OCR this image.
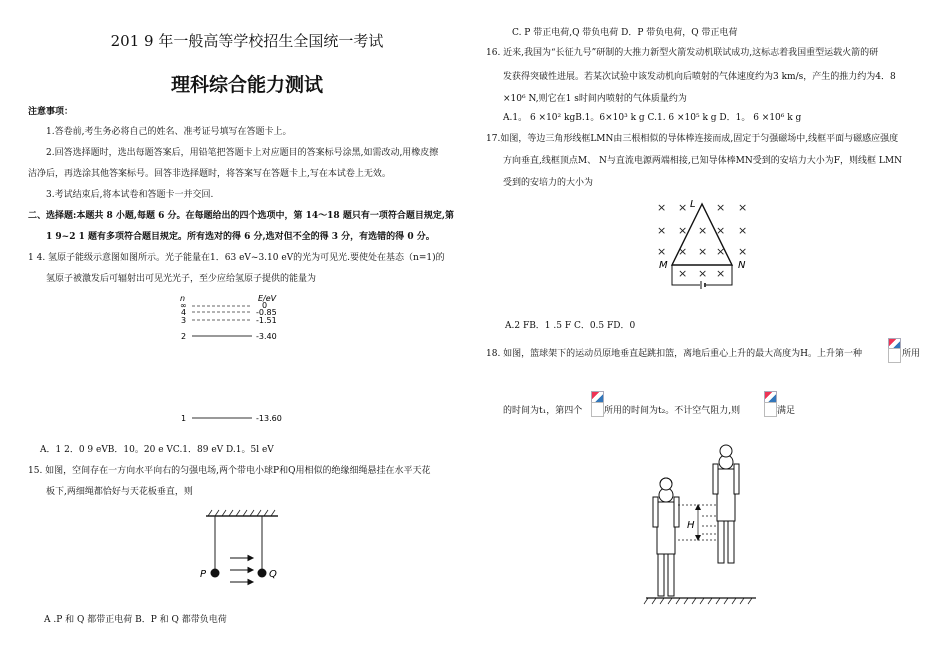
201 9 年一般高等学校招生全国统一考试
理科综合能力测试
注意事项：
1.答卷前,考生务必将自己的姓名、准考证号填写在答题卡上。
2.回答选择题时，选出每题答案后，用铅笔把答题卡上对应题目的答案标号涂黑,如需改动,用橡皮擦
洁净后，再选涂其他答案标号。回答非选择题时，将答案写在答题卡上,写在本试卷上无效。
3.考试结束后,将本试卷和答题卡一并交回.
二、选择题:本题共 8 小题,每题 6 分。在每题给出的四个选项中，第 14～18 题只有一项符合题目规定,第
1 9~2 1 题有多项符合题目规定。所有选对的得 6 分,选对但不全的得 3 分，有选错的得 0 分。
1 4. 氢原子能级示意图如图所示。光子能量在1．63 eV~3.10 eV的光为可见光.要使处在基态（n=1)的
氢原子被激发后可辐射出可见光光子，至少应给氢原子提供的能量为
n	E/eV
∞	0
4	-0.85
3	-1.51
2	-3.40
1	-13.60
A．1 2．0 9 eVB．10。20 e VC.1．89 eV D.1。5l eV
15. 如图，空间存在一方向水平向右的匀强电场,两个带电小球P和Q用相似的绝缘细绳悬挂在水平天花
板下,两细绳都恰好与天花板垂直，则
P	Q
A .P 和 Q 都带正电荷 B．P 和 Q 都带负电荷
C. P 带正电荷,Q 带负电荷 D．P 带负电荷，Q 带正电荷
16. 近来,我国为“长征九号”研制的大推力新型火箭发动机联试成功,这标志着我国重型运载火箭的研
发获得突破性进展。若某次试验中该发动机向后喷射的气体速度约为3 km/s，产生的推力约为4．8
×10⁶ N,则它在1 s时间内喷射的气体质量约为
A.1。 6 ×10² kgB.1。6×10³ k g C.1. 6 ×10⁵ k g D．1。 6 ×10⁶ k g
17.如图，等边三角形线框LMN由三根相似的导体棒连接而成,固定于匀强磁场中,线框平面与磁感应强度
方向垂直,线框顶点M、 N与直流电源两端相接,已知导体棒MN受到的安培力大小为F，则线框 LMN
受到的安培力的大小为
× ×	× ×
× × × × ×
× × × × ×
× × ×
L
M	N
A.2 FB．1 .5 F C．0.5 FD．0
18. 如图，篮球架下的运动员原地垂直起跳扣篮，离地后重心上升的最大高度为H。上升第一种	所用
的时间为t₁，第四个 所用的时间为t₂。不计空气阻力,则	满足
H
